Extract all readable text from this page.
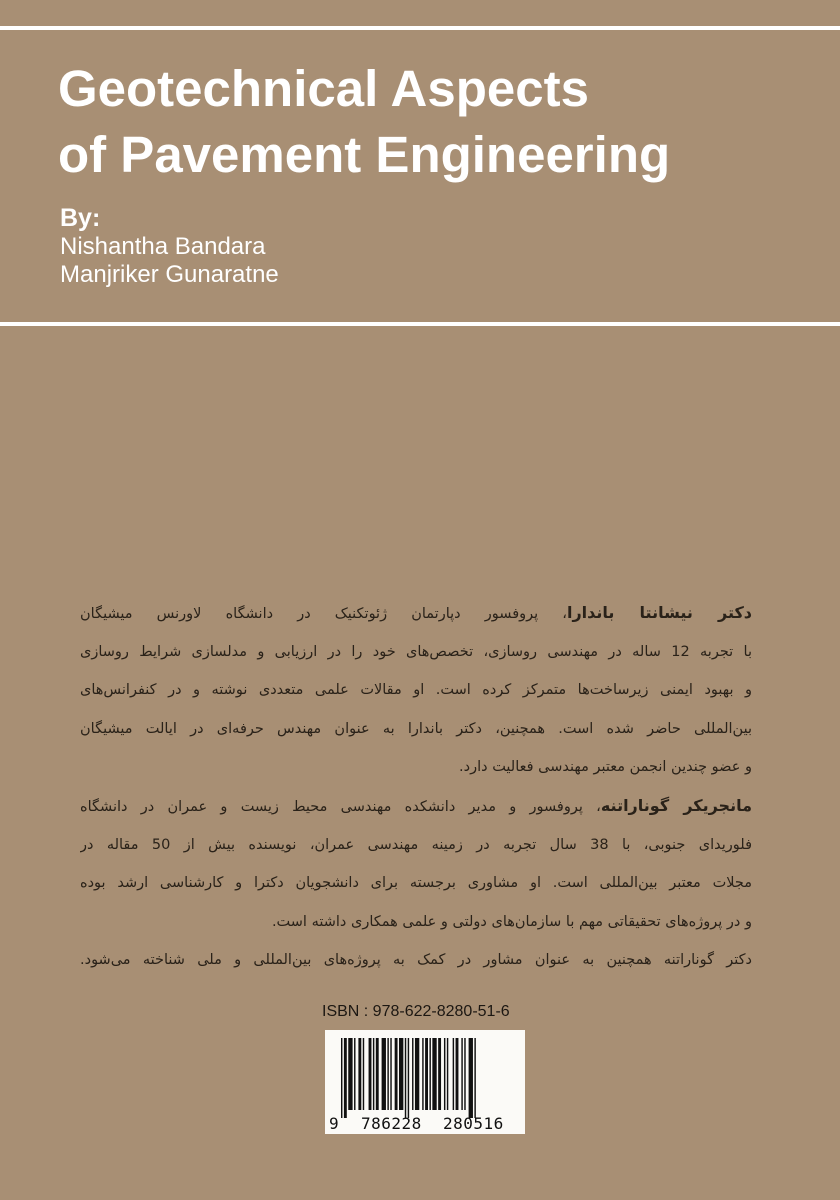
Geotechnical Aspects
of Pavement Engineering
By:
Nishantha Bandara
Manjriker Gunaratne
دکتر نیشانتا باندارا، پروفسور دپارتمان ژئوتکنیک در دانشگاه لاورنس میشیگان
با تجربه 12 ساله در مهندسی روسازی، تخصص‌های خود را در ارزیابی و مدلسازی شرایط روسازی
و بهبود ایمنی زیرساخت‌ها متمرکز کرده است. او مقالات علمی متعددی نوشته و در کنفرانس‌های
بین‌المللی حاضر شده است. همچنین، دکتر باندارا به عنوان مهندس حرفه‌ای در ایالت میشیگان
و عضو چندین انجمن معتبر مهندسی فعالیت دارد.
مانجریکر گوناراتنه، پروفسور و مدیر دانشکده مهندسی محیط زیست و عمران در دانشگاه
فلوریدای جنوبی، با 38 سال تجربه در زمینه مهندسی عمران، نویسنده بیش از 50 مقاله در
مجلات معتبر بین‌المللی است. او مشاوری برجسته برای دانشجویان دکترا و کارشناسی ارشد بوده
و در پروژه‌های تحقیقاتی مهم با سازمان‌های دولتی و علمی همکاری داشته است.
دکتر گوناراتنه همچنین به عنوان مشاور در کمک به پروژه‌های بین‌المللی و ملی شناخته می‌شود.
ISBN : 978-622-8280-51-6
9 786228 280516
